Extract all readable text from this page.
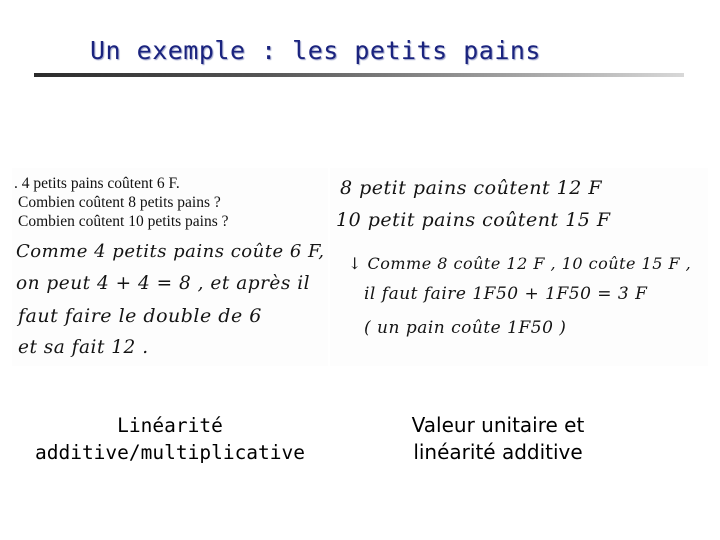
Un exemple : les petits pains
. 4 petits pains coûtent 6 F.
Combien coûtent 8 petits pains ?
Combien coûtent 10 petits pains ?
Comme 4 petits pains coûte 6 F,
on peut 4 + 4 = 8 , et après il
faut faire le double de 6
et sa fait 12 .
8 petit pains coûtent 12 F
10 petit pains coûtent 15 F
↓ Comme 8 coûte 12 F , 10 coûte 15 F ,
il faut faire 1F50 + 1F50 = 3 F
( un pain coûte 1F50 )
Linéarité
additive/multiplicative
Valeur unitaire et
linéarité additive
